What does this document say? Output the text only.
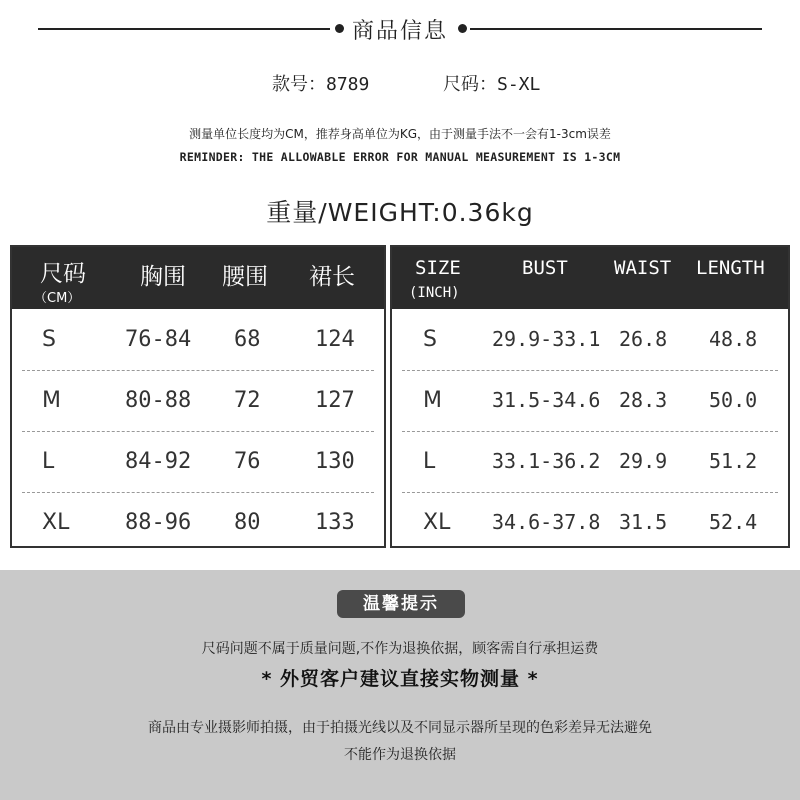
商品信息
款号：8789	尺码：S-XL
测量单位长度均为CM，推荐身高单位为KG，由于测量手法不一会有1-3cm误差
REMINDER: THE ALLOWABLE ERROR FOR MANUAL MEASUREMENT IS 1-3CM
重量/WEIGHT:0.36kg
尺码
（CM）
胸围 腰围 裙长
S	76-84 68 124
M	80-88 72 127
L	84-92 76 130
XL	88-96 80 133
SIZE
(INCH)
BUST WAIST LENGTH
S	29.9-33.1 26.8 48.8
M	31.5-34.6 28.3 50.0
L	33.1-36.2 29.9 51.2
XL 34.6-37.8 31.5 52.4
温馨提示
尺码问题不属于质量问题,不作为退换依据，顾客需自行承担运费
* 外贸客户建议直接实物测量 *
商品由专业摄影师拍摄，由于拍摄光线以及不同显示器所呈现的色彩差异无法避免
不能作为退换依据
